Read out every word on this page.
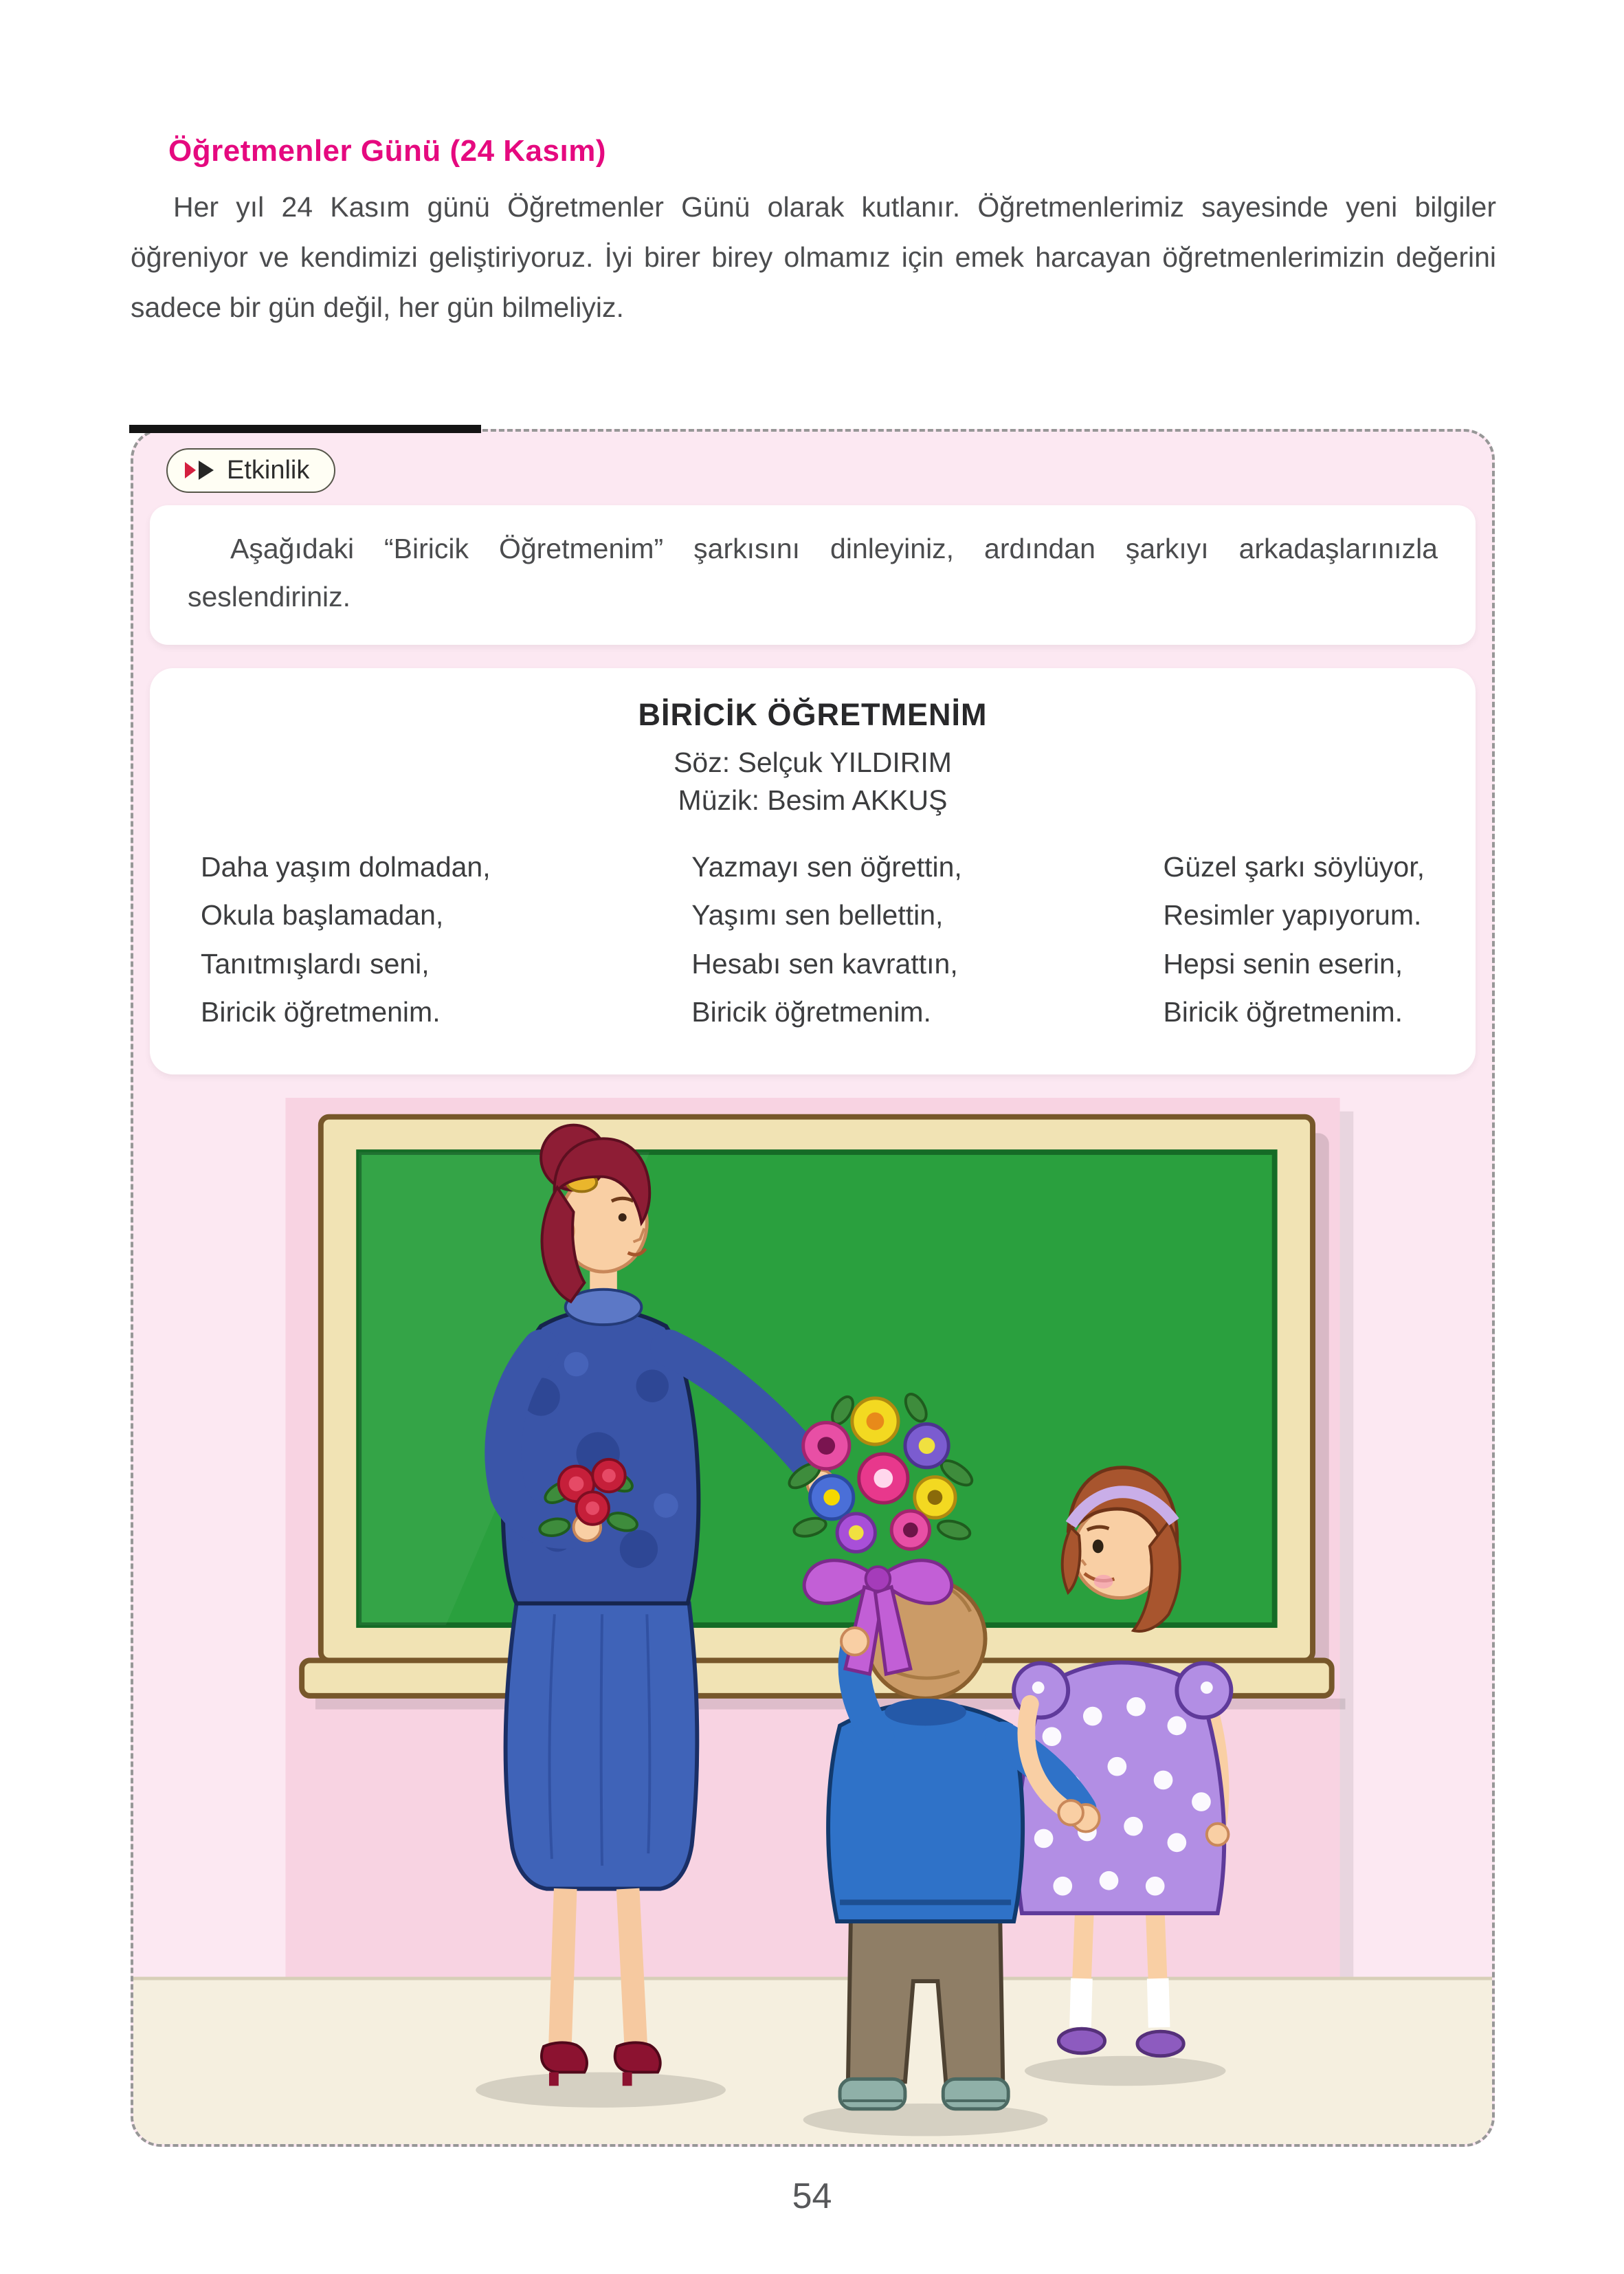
Öğretmenler Günü (24 Kasım)

Her yıl 24 Kasım günü Öğretmenler Günü olarak kutlanır. Öğretmenlerimiz sayesinde yeni bilgiler öğreniyor ve kendimizi geliştiriyoruz. İyi birer birey olmamız için emek harcayan öğretmenlerimizin değerini sadece bir gün değil, her gün bilmeliyiz.

Etkinlik

Aşağıdaki “Biricik Öğretmenim” şarkısını dinleyiniz, ardından şarkıyı arkadaşlarınızla seslendiriniz.

BİRİCİK ÖĞRETMENİM

Söz: Selçuk YILDIRIM

Müzik: Besim AKKUŞ

Daha yaşım dolmadan,
Okula başlamadan,
Tanıtmışlardı seni,
Biricik öğretmenim.
Yazmayı sen öğrettin,
Yaşımı sen bellettin,
Hesabı sen kavrattın,
Biricik öğretmenim.
Güzel şarkı söylüyor,
Resimler yapıyorum.
Hepsi senin eserin,
Biricik öğretmenim.
54
